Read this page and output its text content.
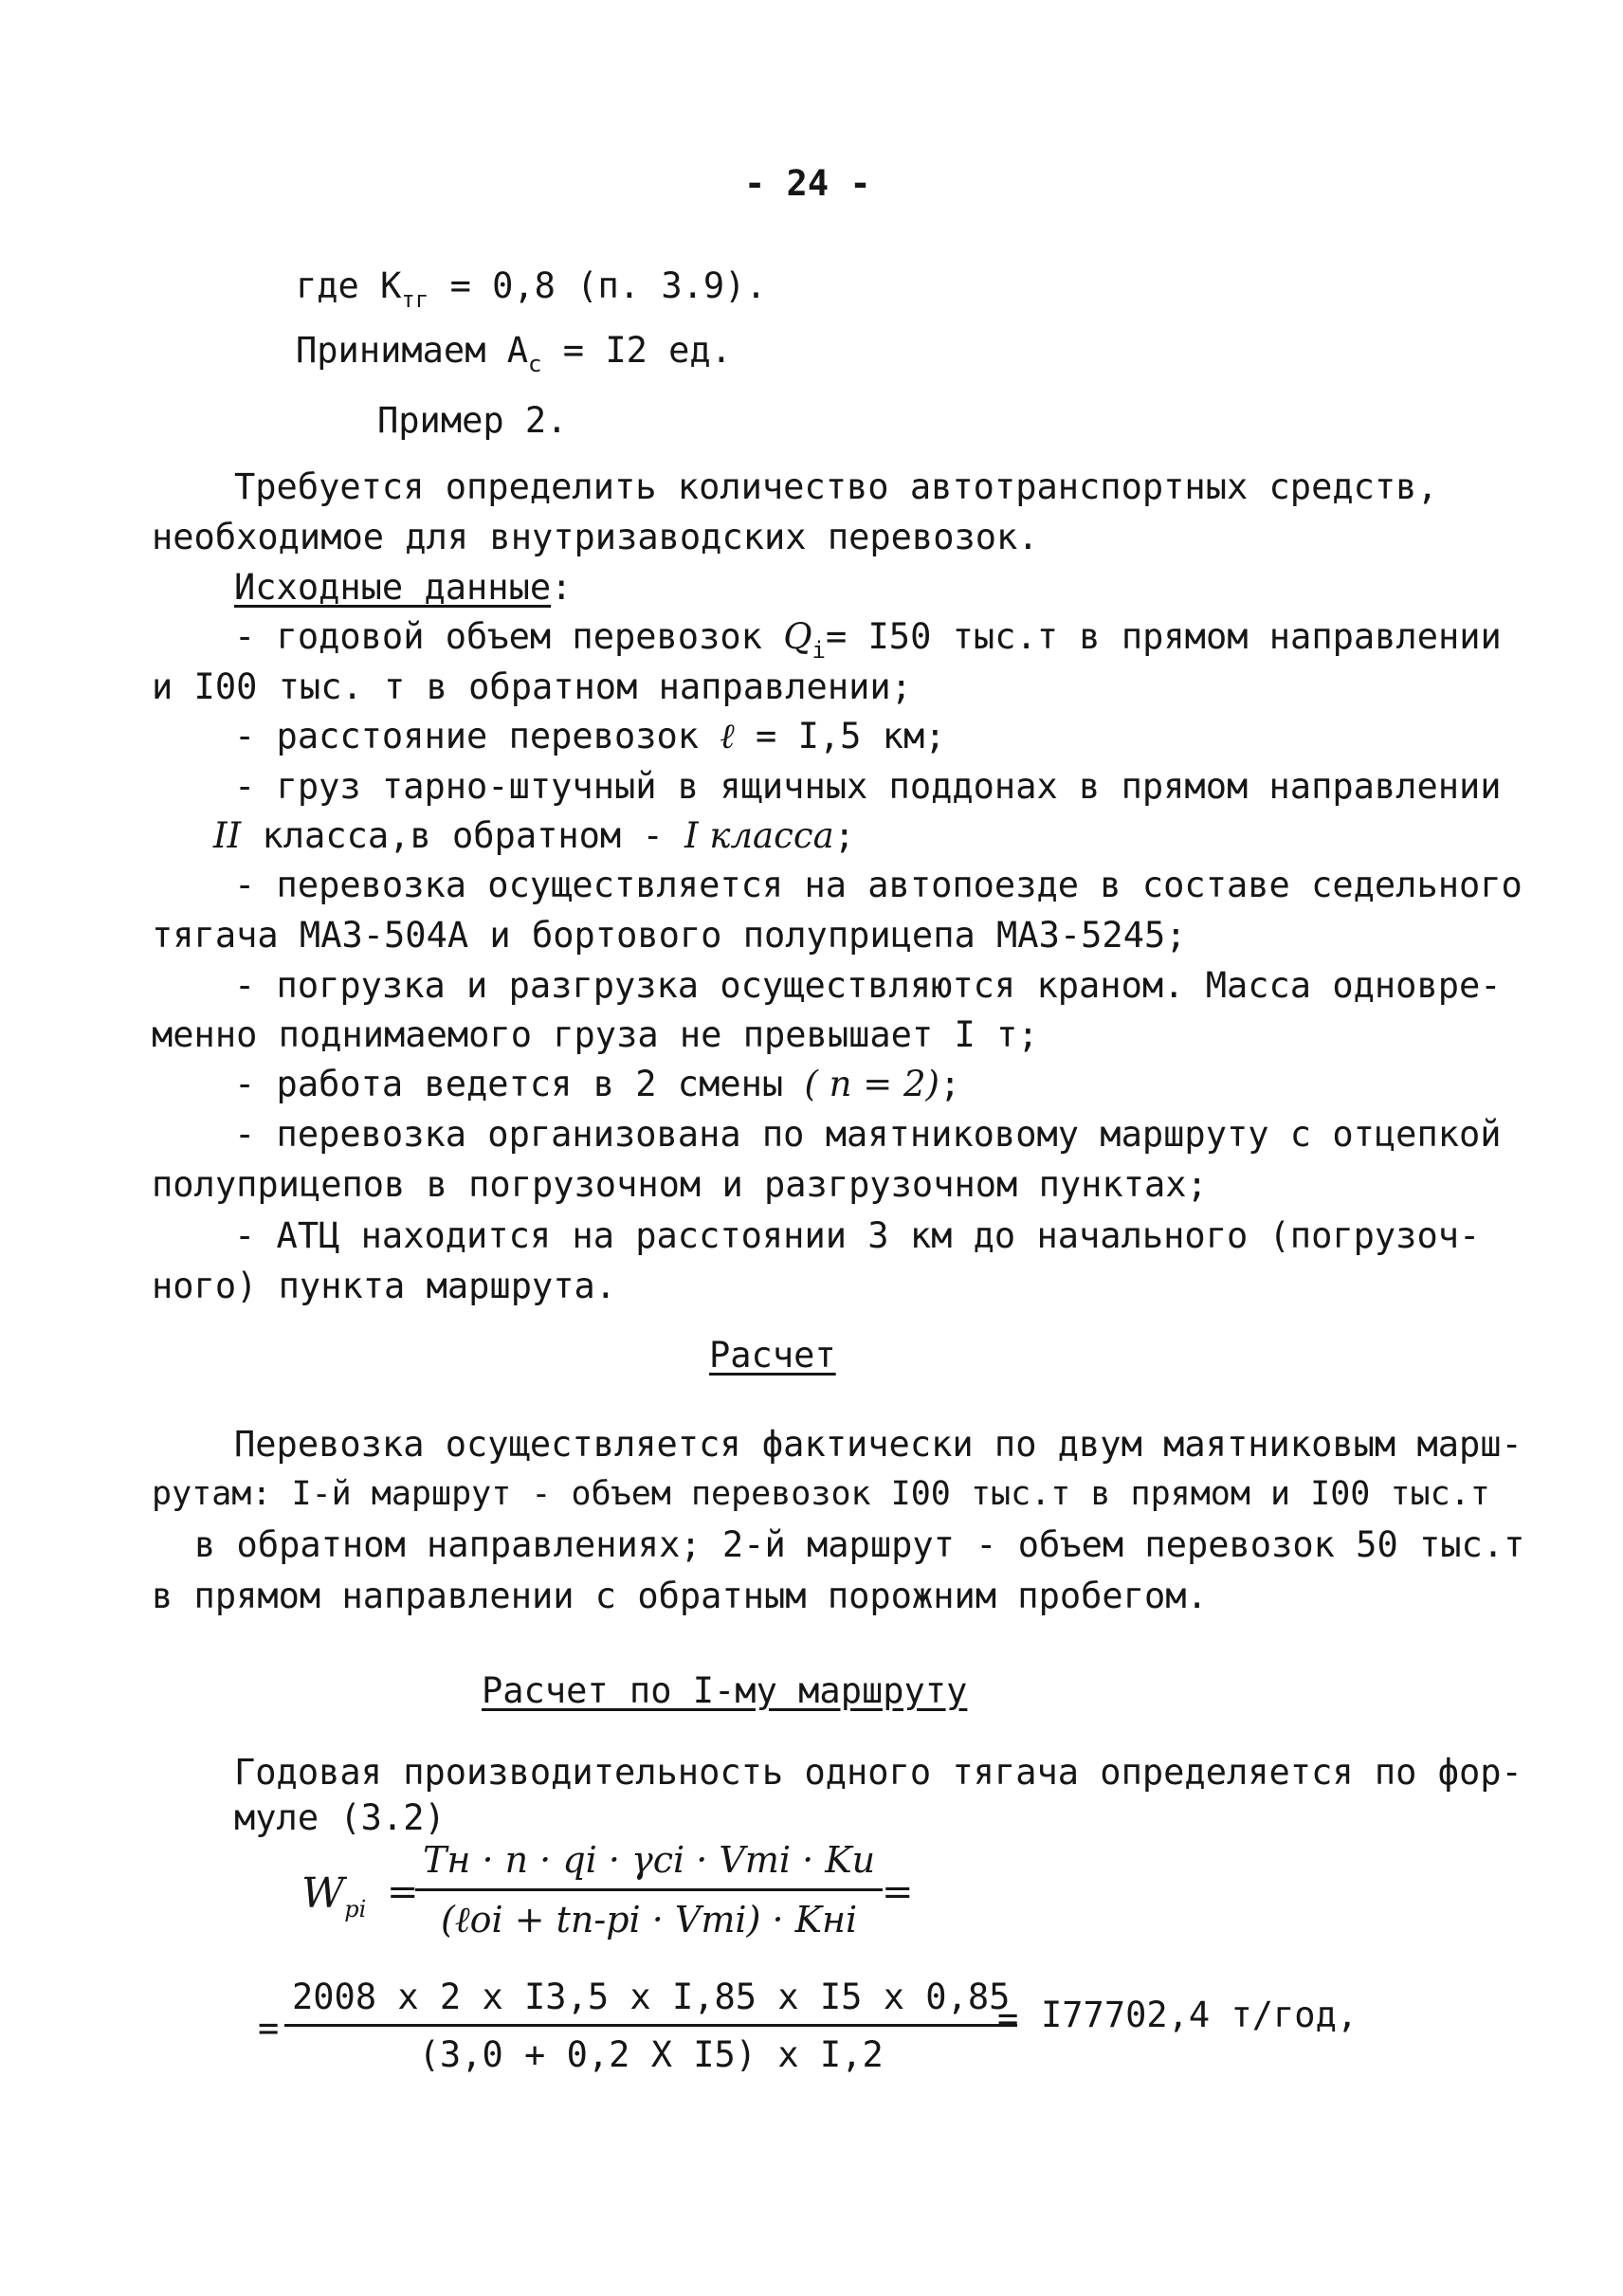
- 24 -
где $К_{тг} = 0,8$ (п. 3.9).
Принимаем $А_с = I2$ ед.
Пример 2.
Требуется определить количество автотранспортных средств,
необходимое для внутризаводских перевозок.
Исходные данные:
- годовой объем перевозок $Q_i= I50$ тыс.т в прямом направлении
и I00 тыс. т в обратном направлении;
- расстояние перевозок ℓ = I,5 км;
- груз тарно-штучный в ящичных поддонах в прямом направлении
II класса,в обратном - I класса;
- перевозка осуществляется на автопоезде в составе седельного
тягача МАЗ-504А и бортового полуприцепа МАЗ-5245;
- погрузка и разгрузка осуществляются краном. Масса одновре-
менно поднимаемого груза не превышает I т;
- работа ведется в 2 смены ( n = 2);
- перевозка организована по маятниковому маршруту с отцепкой
полуприцепов в погрузочном и разгрузочном пунктах;
- АТЦ находится на расстоянии 3 км до начального (погрузоч-
ного) пункта маршрута.
Расчет
Перевозка осуществляется фактически по двум маятниковым марш-
рутам: I-й маршрут - объем перевозок I00 тыс.т в прямом и I00 тыс.т
в обратном направлениях; 2-й маршрут - объем перевозок 50 тыс.т
в прямом направлении с обратным порожним пробегом.
Расчет по I-му маршруту
Годовая производительность одного тягача определяется по фор-
муле (3.2)
$W_{pi}$ =
Tн · n · qi · γci · Vтi · Kи
(ℓoi + tп-рi · Vтi) · Kнi
=
= $\frac{\text{2008 x 2 x I3,5 x I,85 x I5 x 0,85}}{\text{(3,0 + 0,2 X I5) x I,2}}$
= I77702,4 т/год,
